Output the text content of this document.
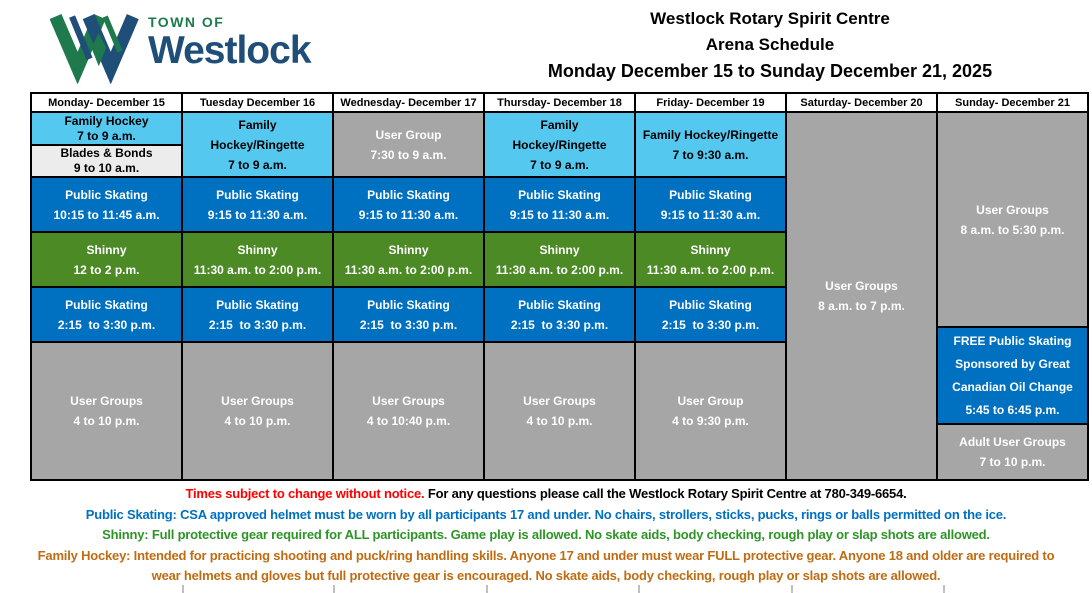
TOWN OF
Westlock
Westlock Rotary Spirit Centre
Arena Schedule
Monday December 15 to Sunday December 21, 2025
Monday- December 15
Family Hockey
7 to 9 a.m.
Blades & Bonds
9 to 10 a.m.
Public Skating
10:15 to 11:45 a.m.
Shinny
12 to 2 p.m.
Public Skating
2:15  to 3:30 p.m.
User Groups
4 to 10 p.m.
Tuesday December 16
Family
Hockey/Ringette
7 to 9 a.m.
Public Skating
9:15 to 11:30 a.m.
Shinny
11:30 a.m. to 2:00 p.m.
Public Skating
2:15  to 3:30 p.m.
User Groups
4 to 10 p.m.
Wednesday- December 17
User Group
7:30 to 9 a.m.
Public Skating
9:15 to 11:30 a.m.
Shinny
11:30 a.m. to 2:00 p.m.
Public Skating
2:15  to 3:30 p.m.
User Groups
4 to 10:40 p.m.
Thursday- December 18
Family
Hockey/Ringette
7 to 9 a.m.
Public Skating
9:15 to 11:30 a.m.
Shinny
11:30 a.m. to 2:00 p.m.
Public Skating
2:15  to 3:30 p.m.
User Groups
4 to 10 p.m.
Friday- December 19
Family Hockey/Ringette
7 to 9:30 a.m.
Public Skating
9:15 to 11:30 a.m.
Shinny
11:30 a.m. to 2:00 p.m.
Public Skating
2:15  to 3:30 p.m.
User Group
4 to 9:30 p.m.
Saturday- December 20
User Groups
8 a.m. to 7 p.m.
Sunday- December 21
User Groups
8 a.m. to 5:30 p.m.
FREE Public Skating
Sponsored by Great
Canadian Oil Change
5:45 to 6:45 p.m.
Adult User Groups
7 to 10 p.m.
Times subject to change without notice. For any questions please call the Westlock Rotary Spirit Centre at 780-349-6654.
Public Skating: CSA approved helmet must be worn by all participants 17 and under. No chairs, strollers, sticks, pucks, rings or balls permitted on the ice.
Shinny: Full protective gear required for ALL participants. Game play is allowed. No skate aids, body checking, rough play or slap shots are allowed.
Family Hockey: Intended for practicing shooting and puck/ring handling skills. Anyone 17 and under must wear FULL protective gear. Anyone 18 and older are required to wear helmets and gloves but full protective gear is encouraged. No skate aids, body checking, rough play or slap shots are allowed.
